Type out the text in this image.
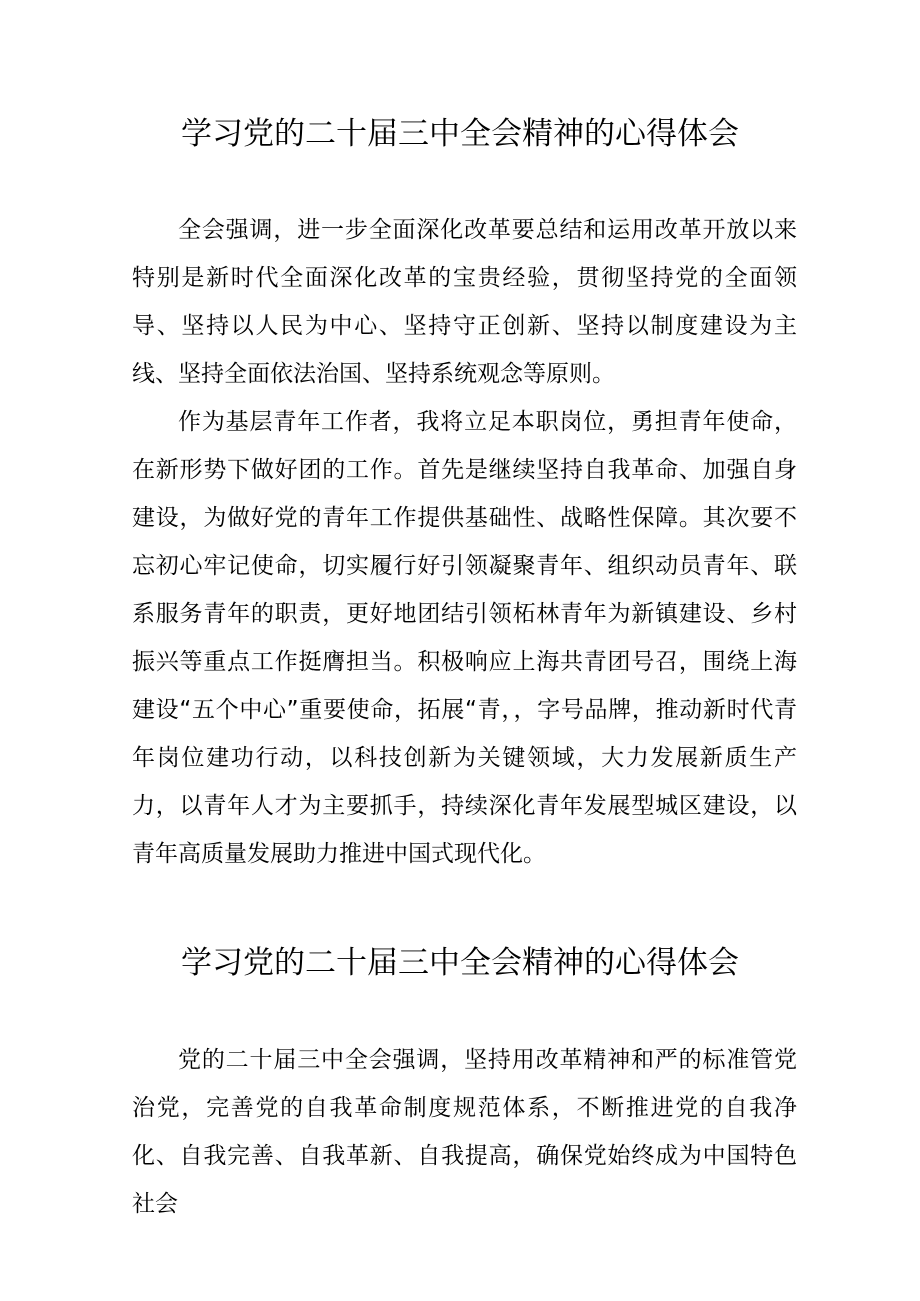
学习党的二十届三中全会精神的心得体会

全会强调，进一步全面深化改革要总结和运用改革开放以来特别是新时代全面深化改革的宝贵经验，贯彻坚持党的全面领导、坚持以人民为中心、坚持守正创新、坚持以制度建设为主线、坚持全面依法治国、坚持系统观念等原则。

作为基层青年工作者，我将立足本职岗位，勇担青年使命，在新形势下做好团的工作。首先是继续坚持自我革命、加强自身建设，为做好党的青年工作提供基础性、战略性保障。其次要不忘初心牢记使命，切实履行好引领凝聚青年、组织动员青年、联系服务青年的职责，更好地团结引领柘林青年为新镇建设、乡村振兴等重点工作挺膺担当。积极响应上海共青团号召，围绕上海建设“五个中心”重要使命，拓展“青，，字号品牌，推动新时代青年岗位建功行动，以科技创新为关键领域，大力发展新质生产力，以青年人才为主要抓手，持续深化青年发展型城区建设，以青年高质量发展助力推进中国式现代化。

学习党的二十届三中全会精神的心得体会

党的二十届三中全会强调，坚持用改革精神和严的标准管党治党，完善党的自我革命制度规范体系，不断推进党的自我净化、自我完善、自我革新、自我提高，确保党始终成为中国特色社会
